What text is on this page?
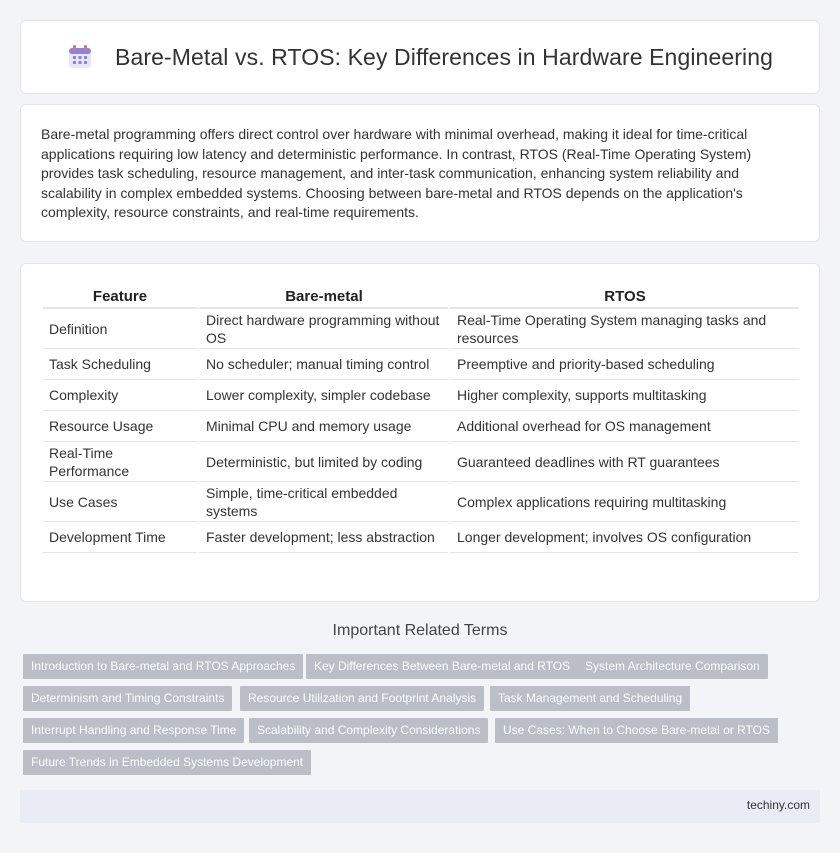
Bare-Metal vs. RTOS: Key Differences in Hardware Engineering

Bare-metal programming offers direct control over hardware with minimal overhead, making it ideal for time-critical applications requiring low latency and deterministic performance. In contrast, RTOS (Real-Time Operating System) provides task scheduling, resource management, and inter-task communication, enhancing system reliability and scalability in complex embedded systems. Choosing between bare-metal and RTOS depends on the application's complexity, resource constraints, and real-time requirements.

Feature	Bare-metal	RTOS
Definition	Direct hardware programming without OS	Real-Time Operating System managing tasks and resources
Task Scheduling	No scheduler; manual timing control	Preemptive and priority-based scheduling
Complexity	Lower complexity, simpler codebase	Higher complexity, supports multitasking
Resource Usage	Minimal CPU and memory usage	Additional overhead for OS management
Real-Time Performance	Deterministic, but limited by coding	Guaranteed deadlines with RT guarantees
Use Cases	Simple, time-critical embedded systems	Complex applications requiring multitasking
Development Time	Faster development; less abstraction	Longer development; involves OS configuration
Important Related Terms
Introduction to Bare-metal and RTOS Approaches	Key Differences Between Bare-metal and RTOS	System Architecture Comparison
Determinism and Timing Constraints	Resource Utilization and Footprint Analysis	Task Management and Scheduling
Interrupt Handling and Response Time	Scalability and Complexity Considerations	Use Cases: When to Choose Bare-metal or RTOS
Future Trends in Embedded Systems Development
techiny.com
